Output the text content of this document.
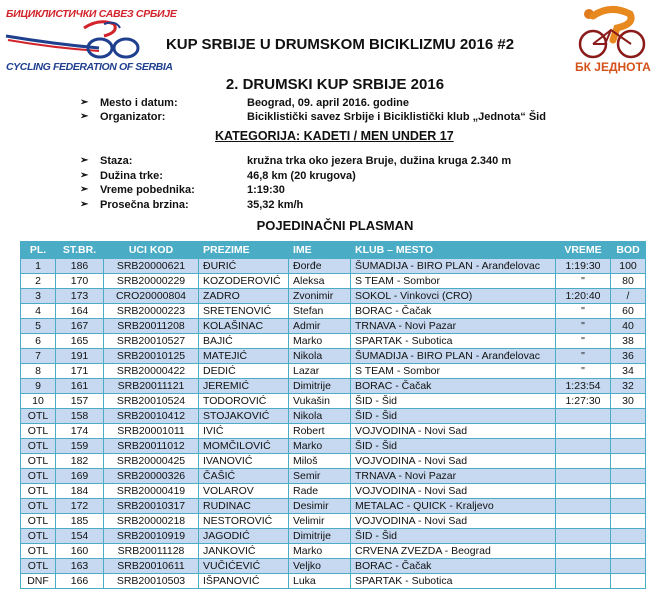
БИЦИКЛИСТИЧКИ САВЕЗ СРБИЈЕ
CYCLING FEDERATION OF SERBIA	БК ЈЕДНОТА
KUP SRBIJE U DRUMSKOM BICIKLIZMU 2016 #2
2. DRUMSKI KUP SRBIJE 2016
➢ Mesto i datum:	Beograd, 09. april 2016. godine
➢ Organizator:	Biciklistički savez Srbije i Biciklistički klub „Jednota“ Šid
KATEGORIJA: KADETI / MEN UNDER 17
➢ Staza:	kružna trka oko jezera Bruje, dužina kruga 2.340 m
➢ Dužina trke:	46,8 km (20 krugova)
➢ Vreme pobednika:	1:19:30
➢ Prosečna brzina:	35,32 km/h
POJEDINAČNI PLASMAN
PL.	ST.BR.	UCI KOD	PREZIME	IME	KLUB – MESTO	VREME	BOD
1	186	SRB20000621	ĐURIĆ	Đorđe	ŠUMADIJA - BIRO PLAN - Aranđelovac	1:19:30	100
2	170	SRB20000229	KOZODEROVIĆ	Aleksa	S TEAM - Sombor	"	80
3	173	CRO20000804	ZADRO	Zvonimir	SOKOL - Vinkovci (CRO)	1:20:40	/
4	164	SRB20000223	SRETENOVIĆ	Stefan	BORAC - Čačak	"	60
5	167	SRB20011208	KOLAŠINAC	Admir	TRNAVA - Novi Pazar	"	40
6	165	SRB20010527	BAJIĆ	Marko	SPARTAK - Subotica	"	38
7	191	SRB20010125	MATEJIĆ	Nikola	ŠUMADIJA - BIRO PLAN - Aranđelovac	"	36
8	171	SRB20000422	DEDIĆ	Lazar	S TEAM - Sombor	"	34
9	161	SRB20011121	JEREMIĆ	Dimitrije	BORAC - Čačak	1:23:54	32
10	157	SRB20010524	TODOROVIĆ	Vukašin	ŠID - Šid	1:27:30	30
OTL	158	SRB20010412	STOJAKOVIĆ	Nikola	ŠID - Šid		
OTL	174	SRB20001011	IVIĆ	Robert	VOJVODINA - Novi Sad		
OTL	159	SRB20011012	MOMČILOVIĆ	Marko	ŠID - Šid		
OTL	182	SRB20000425	IVANOVIĆ	Miloš	VOJVODINA - Novi Sad		
OTL	169	SRB20000326	ČAŠIĆ	Semir	TRNAVA - Novi Pazar		
OTL	184	SRB20000419	VOLAROV	Rade	VOJVODINA - Novi Sad		
OTL	172	SRB20010317	RUDINAC	Desimir	METALAC - QUICK - Kraljevo		
OTL	185	SRB20000218	NESTOROVIĆ	Velimir	VOJVODINA - Novi Sad		
OTL	154	SRB20010919	JAGODIĆ	Dimitrije	ŠID - Šid		
OTL	160	SRB20011128	JANKOVIĆ	Marko	CRVENA ZVEZDA - Beograd		
OTL	163	SRB20010611	VUČIĆEVIĆ	Veljko	BORAC - Čačak		
DNF	166	SRB20010503	IŠPANOVIĆ	Luka	SPARTAK - Subotica		
